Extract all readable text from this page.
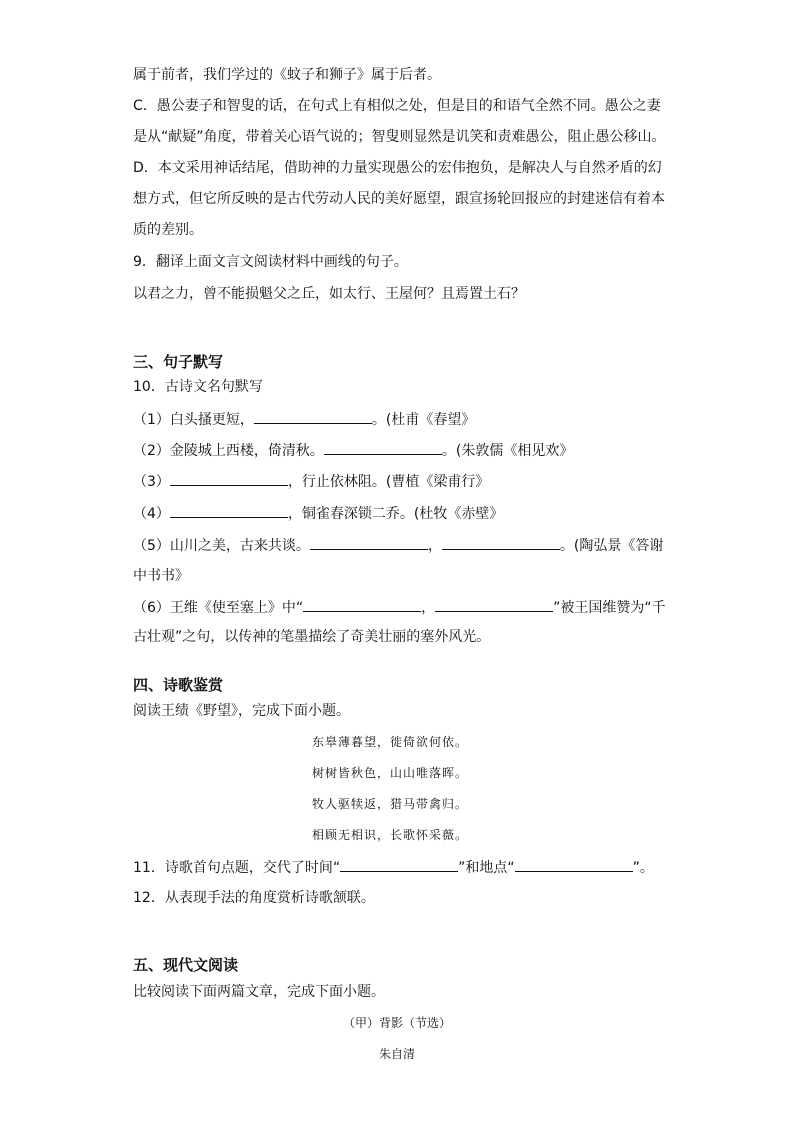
属于前者，我们学过的《蚊子和狮子》属于后者。
C．愚公妻子和智叟的话，在句式上有相似之处，但是目的和语气全然不同。愚公之妻
是从“献疑”角度，带着关心语气说的；智叟则显然是讥笑和责难愚公，阻止愚公移山。
D．本文采用神话结尾，借助神的力量实现愚公的宏伟抱负，是解决人与自然矛盾的幻
想方式，但它所反映的是古代劳动人民的美好愿望，跟宣扬轮回报应的封建迷信有着本
质的差别。
9．翻译上面文言文阅读材料中画线的句子。
以君之力，曾不能损魁父之丘，如太行、王屋何？且焉置土石？
三、句子默写
10．古诗文名句默写
（1）白头搔更短，	。(杜甫《春望》
（2）金陵城上西楼，倚清秋。	。(朱敦儒《相见欢》
（3）	，行止依林阻。(曹植《梁甫行》
（4）	，铜雀春深锁二乔。(杜牧《赤壁》
（5）山川之美，古来共谈。	，	。(陶弘景《答谢
中书书》
（6）王维《使至塞上》中“	，	”被王国维赞为“千
古壮观”之句，以传神的笔墨描绘了奇美壮丽的塞外风光。
四、诗歌鉴赏
阅读王绩《野望》，完成下面小题。
东皋薄暮望，徙倚欲何依。
树树皆秋色，山山唯落晖。
牧人驱犊返，猎马带禽归。
相顾无相识，长歌怀采薇。
11．诗歌首句点题，交代了时间“	”和地点“	”。
12．从表现手法的角度赏析诗歌颔联。
五、现代文阅读
比较阅读下面两篇文章，完成下面小题。
（甲）背影（节选）
朱自清
